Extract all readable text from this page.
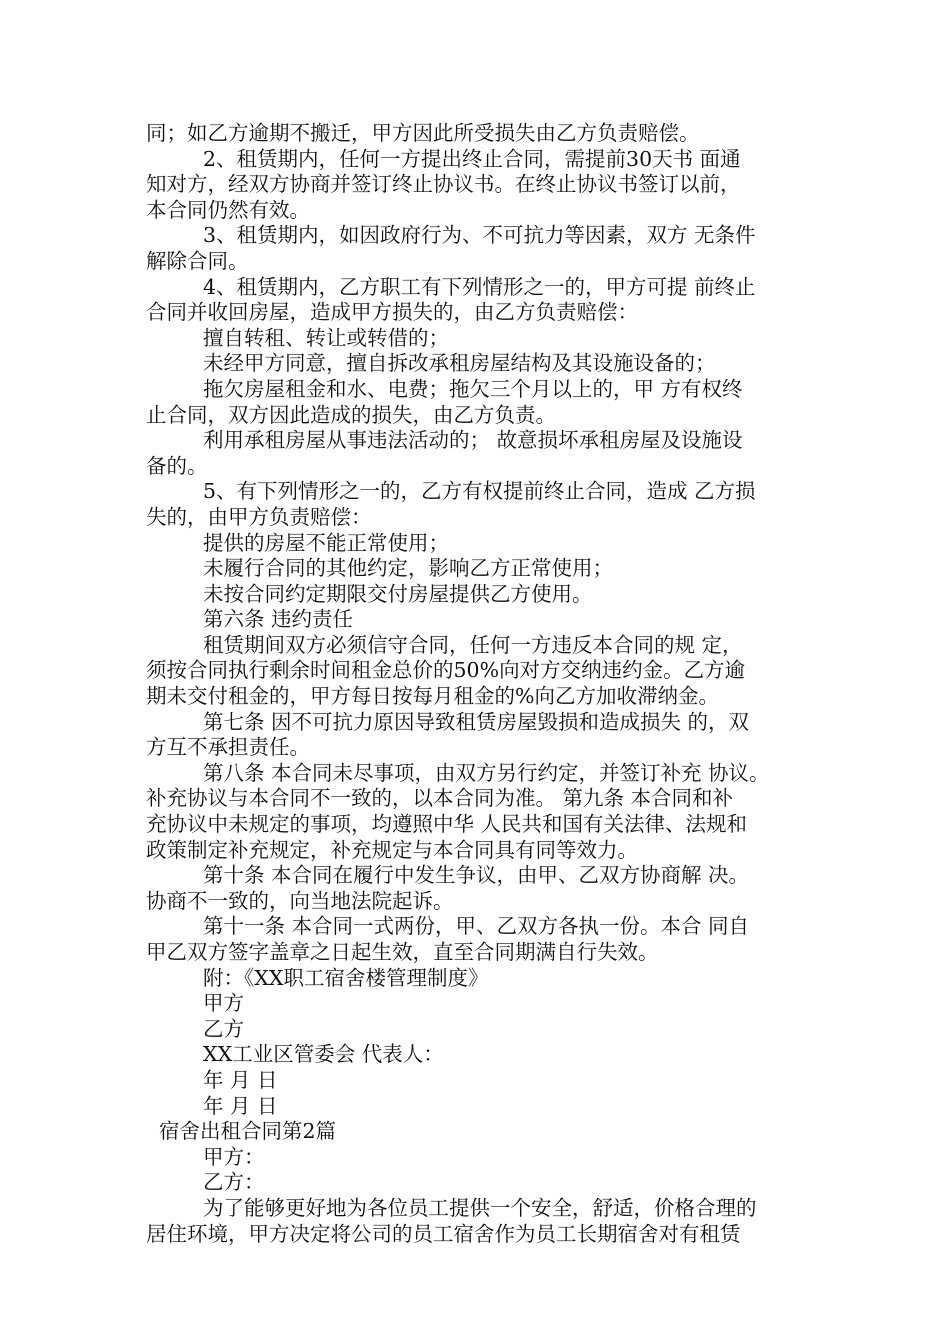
同；如乙方逾期不搬迁，甲方因此所受损失由乙方负责赔偿。
2、租赁期内，任何一方提出终止合同，需提前30天书 面通
知对方，经双方协商并签订终止协议书。在终止协议书签订以前，
本合同仍然有效。
3、租赁期内，如因政府行为、不可抗力等因素，双方 无条件
解除合同。
4、租赁期内，乙方职工有下列情形之一的，甲方可提 前终止
合同并收回房屋，造成甲方损失的，由乙方负责赔偿：
擅自转租、转让或转借的；
未经甲方同意，擅自拆改承租房屋结构及其设施设备的；
拖欠房屋租金和水、电费；拖欠三个月以上的，甲 方有权终
止合同，双方因此造成的损失，由乙方负责。
利用承租房屋从事违法活动的； 故意损坏承租房屋及设施设
备的。
5、有下列情形之一的，乙方有权提前终止合同，造成 乙方损
失的，由甲方负责赔偿：
提供的房屋不能正常使用；
未履行合同的其他约定，影响乙方正常使用；
未按合同约定期限交付房屋提供乙方使用。
第六条 违约责任
租赁期间双方必须信守合同，任何一方违反本合同的规 定，
须按合同执行剩余时间租金总价的50%向对方交纳违约金。乙方逾
期未交付租金的，甲方每日按每月租金的%向乙方加收滞纳金。
第七条 因不可抗力原因导致租赁房屋毁损和造成损失 的，双
方互不承担责任。
第八条 本合同未尽事项，由双方另行约定，并签订补充 协议。
补充协议与本合同不一致的，以本合同为准。 第九条 本合同和补
充协议中未规定的事项，均遵照中华 人民共和国有关法律、法规和
政策制定补充规定，补充规定与本合同具有同等效力。
第十条 本合同在履行中发生争议，由甲、乙双方协商解 决。
协商不一致的，向当地法院起诉。
第十一条 本合同一式两份，甲、乙双方各执一份。本合 同自
甲乙双方签字盖章之日起生效，直至合同期满自行失效。
附：《XX职工宿舍楼管理制度》
甲方
乙方
XX工业区管委会 代表人：
年 月 日
年 月 日
宿舍出租合同第2篇
甲方：
乙方：
为了能够更好地为各位员工提供一个安全，舒适，价格合理的
居住环境，甲方决定将公司的员工宿舍作为员工长期宿舍对有租赁
